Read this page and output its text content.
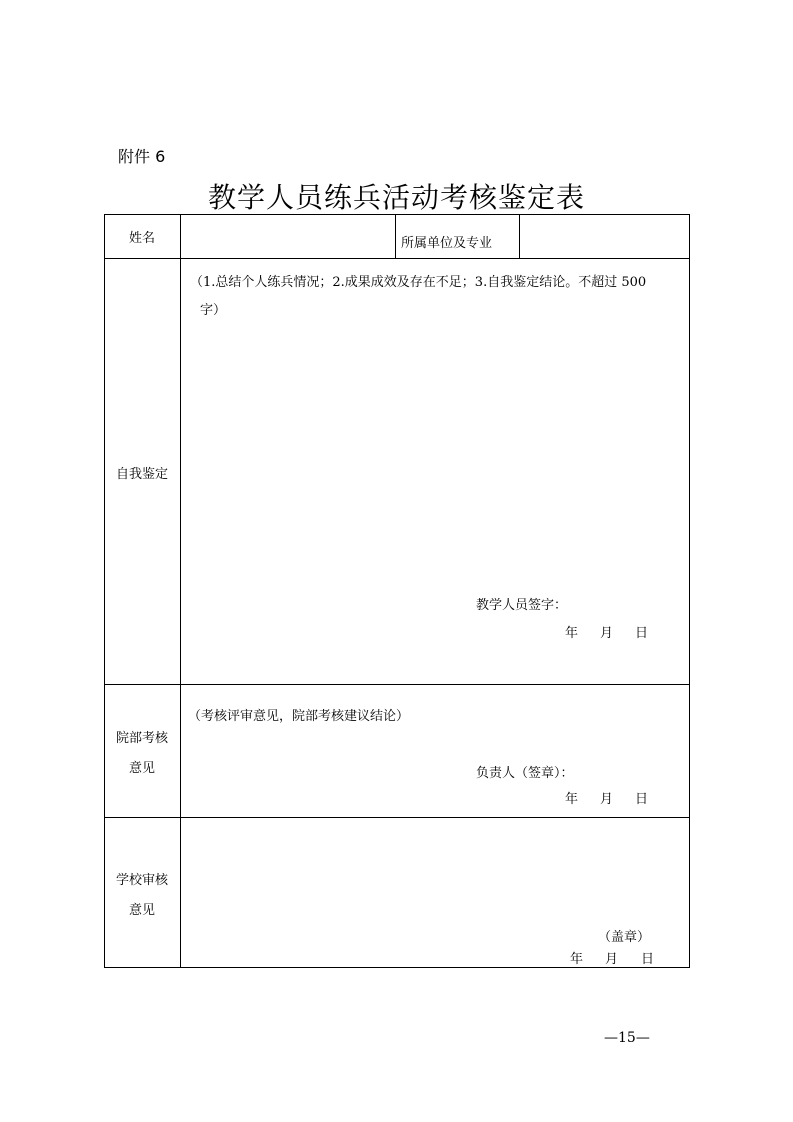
附件 6
教学人员练兵活动考核鉴定表
姓名	所属单位及专业
自我鉴定
（1.总结个人练兵情况；2.成果成效及存在不足；3.自我鉴定结论。不超过 500
字）
教学人员签字：
年 月 日
院部考核
意见
（考核评审意见，院部考核建议结论）
负责人（签章）：
年 月 日
学校审核
意见
（盖章）
年 月 日
—15—
